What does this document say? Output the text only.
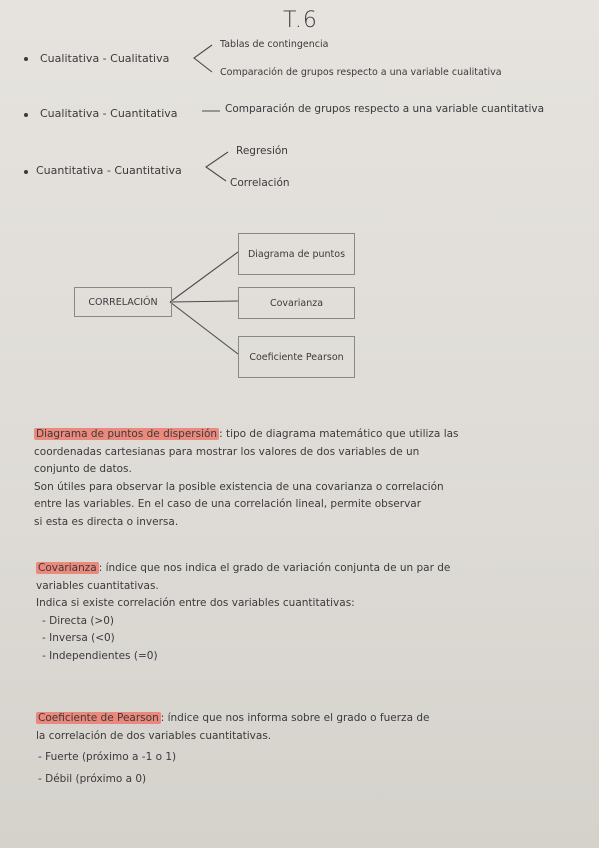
T.6
Cualitativa - Cualitativa
Tablas de contingencia
Comparación de grupos respecto a una variable cualitativa
Cualitativa - Cuantitativa	Comparación de grupos respecto a una variable cuantitativa
Cuantitativa - Cuantitativa
Regresión
Correlación
CORRELACIÓN
Diagrama de puntos
Covarianza
Coeficiente Pearson
Diagrama de puntos de dispersión : tipo de diagrama matemático que utiliza las
coordenadas cartesianas para mostrar los valores de dos variables de un
conjunto de datos.
Son útiles para observar la posible existencia de una covarianza o correlación
entre las variables. En el caso de una correlación lineal, permite observar
si esta es directa o inversa.
Covarianza : índice que nos indica el grado de variación conjunta de un par de
variables cuantitativas.
Indica si existe correlación entre dos variables cuantitativas:
- Directa (>0)
- Inversa (<0)
- Independientes (=0)
Coeficiente de Pearson : índice que nos informa sobre el grado o fuerza de
la correlación de dos variables cuantitativas.
- Fuerte (próximo a -1 o 1)
- Débil (próximo a 0)
